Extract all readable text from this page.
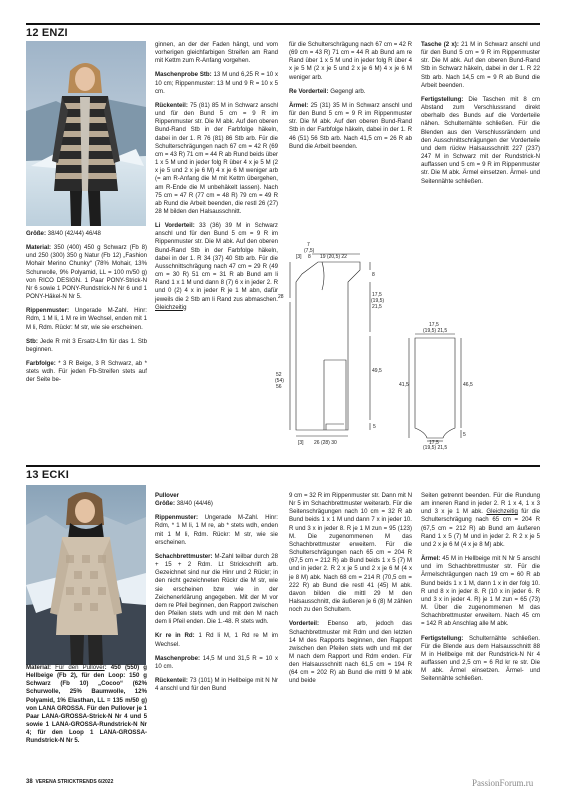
12 ENZI

Größe: 38/40 (42/44) 46/48

Material: 350 (400) 450 g Schwarz (Fb 8) und 250 (300) 350 g Natur (Fb 12) „Fashion Mohair Merino Chunky“ (78% Mohair, 13% Schurwolle, 9% Polyamid, LL = 100 m/50 g) von RICO DESIGN. 1 Paar PONY-Strick-N Nr 6 sowie 1 PONY-Rundstrick-N Nr 6 und 1 PONY-Häkel-N Nr 5.

Rippenmuster: Ungerade M-Zahl. Hinr: Rdm, 1 M li, 1 M re im Wechsel, enden mit 1 M li, Rdm. Rückr: M str, wie sie erscheinen.

Stb: Jede R mit 3 Ersatz-Lfm für das 1. Stb beginnen.

Farbfolge: * 3 R Beige, 3 R Schwarz, ab * stets wdh. Für jeden Fb-Streifen stets auf der Seite be-

ginnen, an der der Faden hängt, und vom vorherigen gleichfarbigen Streifen am Rand mit Kettm zum R-Anfang vorgehen.

Maschenprobe Stb: 13 M und 6,25 R = 10 x 10 cm; Rippenmuster: 13 M und 9 R = 10 x 5 cm.

Rückenteil: 75 (81) 85 M in Schwarz anschl und für den Bund 5 cm = 9 R im Rippenmuster str. Die M abk. Auf den oberen Bund-Rand Stb in der Farbfolge häkeln, dabei in der 1. R 76 (81) 86 Stb arb. Für die Schulterschrägungen nach 67 cm = 42 R (69 cm = 43 R) 71 cm = 44 R ab Rund beids über 1 x 5 M und in jeder folg R über 4 x je 5 M (2 x je 5 und 2 x je 6 M) 4 x je 6 M weniger arb (= am R-Anfang die M mit Kettm übergehen, am R-Ende die M unbehäkelt lassen). Nach 75 cm = 47 R (77 cm = 48 R) 79 cm = 49 R ab Rund die Arbeit beenden, die restl 26 (27) 28 M bilden den Halsausschnitt.

Li Vorderteil: 33 (36) 39 M in Schwarz anschl und für den Bund 5 cm = 9 R im Rippenmuster str. Die M abk. Auf den oberen Bund-Rand Stb in der Farbfolge häkeln, dabei in der 1. R 34 (37) 40 Stb arb. Für die Ausschnittschrägung nach 47 cm = 29 R (49 cm = 30 R) 51 cm = 31 R ab Bund am li Rand 1 x 1 M und dann 8 (7) 6 x in jeder 2. R und 0 (2) 4 x in jeder R je 1 M abn, dafür jeweils die 2 Stb am li Rand zus abmaschen. Gleichzeitig

für die Schulterschrägung nach 67 cm = 42 R (69 cm = 43 R) 71 cm = 44 R ab Bund am re Rand über 1 x 5 M und in jeder folg R über 4 x je 5 M (2 x je 5 und 2 x je 6 M) 4 x je 6 M weniger arb.

Re Vorderteil: Gegengl arb.

Ärmel: 25 (31) 35 M in Schwarz anschl und für den Bund 5 cm = 9 R im Rippenmuster str. Die M abk. Auf den oberen Bund-Rand Stb in der Farbfolge häkeln, dabei in der 1. R 46 (51) 56 Stb arb. Nach 41,5 cm = 26 R ab Bund die Arbeit beenden.

Tasche (2 x): 21 M in Schwarz anschl und für den Bund 5 cm = 9 R im Rippenmuster str. Die M abk. Auf den oberen Bund-Rand Stb in Schwarz häkeln, dabei in der 1. R 22 Stb arb. Nach 14,5 cm = 9 R ab Bund die Arbeit beenden.

Fertigstellung: Die Taschen mit 8 cm Abstand zum Verschlussrand direkt oberhalb des Bunds auf die Vorderteile nähen. Schulternähte schließen. Für die Blenden aus den Verschlussrändern und den Ausschnittschrägungen der Vorderteile und dem rückw Halsausschnitt 227 (237) 247 M in Schwarz mit der Rundstrick-N auffassen und 5 cm = 9 R im Rippenmuster str. Die M abk. Ärmel einsetzen. Ärmel- und Seitennähte schließen.

7
(7,5)
8
[3]	19 (20,5) 22
28
52
(54)
56
8
17,5
(19,5)
21,5
49,5
5
[3] 26 (28) 30
17,5
(19,5) 21,5
41,5	46,5
5
17,5
(19,5) 21,5
13 ECKI

Material: Für den Pullover: 450 (550) g Hellbeige (Fb 2), für den Loop: 150 g Schwarz (Fb 10) „Cocoo“ (62% Schurwolle, 25% Baumwolle, 12% Polyamid, 1% Elasthan, LL = 135 m/50 g) von LANA GROSSA. Für den Pullover je 1 Paar LANA-GROSSA-Strick-N Nr 4 und 5 sowie 1 LANA-GROSSA-Rundstrick-N Nr 4; für den Loop 1 LANA-GROSSA-Rundstrick-N Nr 5.

Pullover

Größe: 38/40 (44/46)

Rippenmuster: Ungerade M-Zahl. Hinr: Rdm, * 1 M li, 1 M re, ab * stets wdh, enden mit 1 M li, Rdm. Rückr: M str, wie sie erscheinen.

Schachbrettmuster: M-Zahl teilbar durch 28 + 15 + 2 Rdm. Lt Strickschrift arb. Gezeichnet sind nur die Hinr und 2 Rückr; in den nicht gezeichneten Rückr die M str, wie sie erscheinen bzw wie in der Zeichenerklärung angegeben. Mit der M vor dem re Pfeil beginnen, den Rapport zwischen den Pfeilen stets wdh und mit den M nach dem li Pfeil enden. Die 1.-48. R stets wdh.

Kr re in Rd: 1 Rd li M, 1 Rd re M im Wechsel.

Maschenprobe: 14,5 M und 31,5 R = 10 x 10 cm.

Rückenteil: 73 (101) M in Hellbeige mit N Nr 4 anschl und für den Bund

9 cm = 32 R im Rippenmuster str. Dann mit N Nr 5 im Schachbrettmuster weiterarb. Für die Seitenschrägungen nach 10 cm = 32 R ab Bund beids 1 x 1 M und dann 7 x in jeder 10. R und 3 x in jeder 8. R je 1 M zun = 95 (123) M. Die zugenommenen M das Schachbrettmuster erweitern. Für die Schulterschrägungen nach 65 cm = 204 R (67,5 cm = 212 R) ab Bund beids 1 x 5 (7) M und in jeder 2. R 2 x je 5 und 2 x je 6 M (4 x je 8 M) abk. Nach 68 cm = 214 R (70,5 cm = 222 R) ab Bund die restl 41 (45) M abk. davon bilden die mittl 29 M den Halsausschnitt, die äußeren je 6 (8) M zählen noch zu den Schultern.

Vorderteil: Ebenso arb, jedoch das Schachbrettmuster mit Rdm und den letzten 14 M des Rapports beginnen, den Rapport zwischen den Pfeilen stets wdh und mit der M nach dem Rapport und Rdm enden. Für den Halsausschnitt nach 61,5 cm = 194 R (64 cm = 202 R) ab Bund die mittl 9 M abk und beide

Seiten getrennt beenden. Für die Rundung am inneren Rand in jeder 2. R 1 x 4, 1 x 3 und 3 x je 1 M abk. Gleichzeitig für die Schulterschrägung nach 65 cm = 204 R (67,5 cm = 212 R) ab Bund am äußeren Rand 1 x 5 (7) M und in jeder 2. R 2 x je 5 und 2 x je 6 M (4 x je 8 M) abk.

Ärmel: 45 M in Hellbeige mit N Nr 5 anschl und im Schachbrettmuster str. Für die Ärmelschrägungen nach 19 cm = 60 R ab Bund beids 1 x 1 M, dann 1 x in der folg 10. R und 8 x in jeder 8. R (10 x in jeder 6. R und 3 x in jeder 4. R) je 1 M zun = 65 (73) M. Über die zugenommenen M das Schachbrettmuster erweitern. Nach 45 cm = 142 R ab Anschlag alle M abk.

Fertigstellung: Schulternähte schließen. Für die Blende aus dem Halsausschnitt 88 M in Hellbeige mit der Rundstrick-N Nr 4 auffassen und 2,5 cm = 6 Rd kr re str. Die M abk. Ärmel einsetzen. Ärmel- und Seitennähte schließen.

38 VERENA STRICKTRENDS 6/2022	PassionForum.ru
